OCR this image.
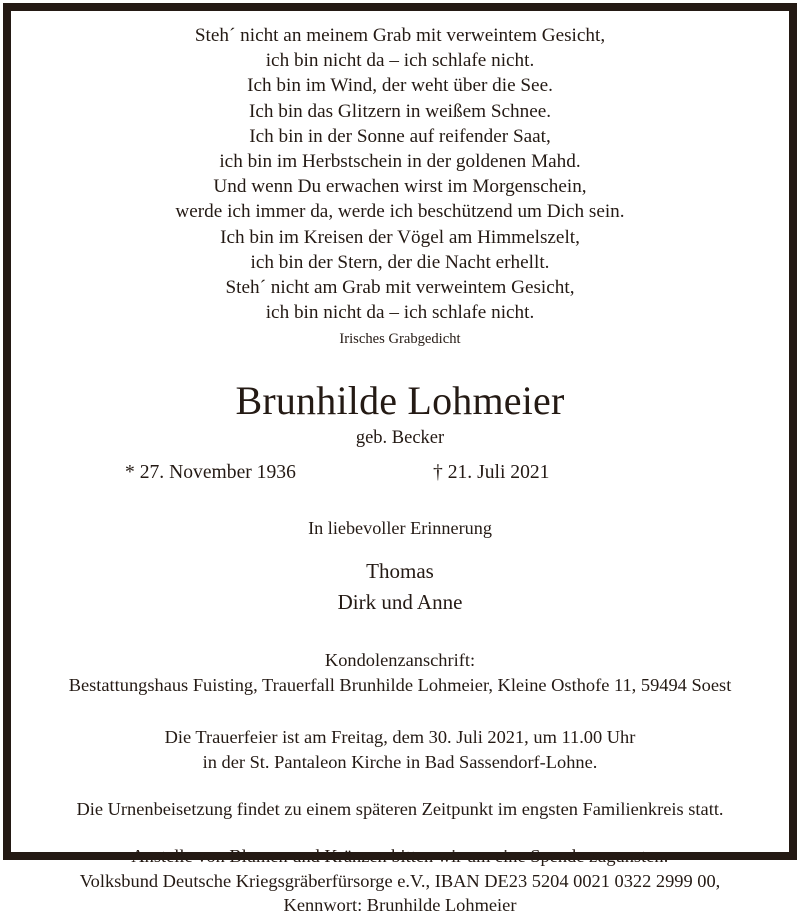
Steh´ nicht an meinem Grab mit verweintem Gesicht,
ich bin nicht da – ich schlafe nicht.
Ich bin im Wind, der weht über die See.
Ich bin das Glitzern in weißem Schnee.
Ich bin in der Sonne auf reifender Saat,
ich bin im Herbstschein in der goldenen Mahd.
Und wenn Du erwachen wirst im Morgenschein,
werde ich immer da, werde ich beschützend um Dich sein.
Ich bin im Kreisen der Vögel am Himmelszelt,
ich bin der Stern, der die Nacht erhellt.
Steh´ nicht am Grab mit verweintem Gesicht,
ich bin nicht da – ich schlafe nicht.
Irisches Grabgedicht
Brunhilde Lohmeier
geb. Becker
* 27. November 1936	† 21. Juli 2021
In liebevoller Erinnerung
Thomas
Dirk und Anne
Kondolenzanschrift:
Bestattungshaus Fuisting, Trauerfall Brunhilde Lohmeier, Kleine Osthofe 11, 59494 Soest
Die Trauerfeier ist am Freitag, dem 30. Juli 2021, um 11.00 Uhr
in der St. Pantaleon Kirche in Bad Sassendorf-Lohne.
Die Urnenbeisetzung findet zu einem späteren Zeitpunkt im engsten Familienkreis statt.
Anstelle von Blumen und Kränzen bitten wir um eine Spende zugunsten:
Volksbund Deutsche Kriegsgräberfürsorge e.V., IBAN DE23 5204 0021 0322 2999 00,
Kennwort: Brunhilde Lohmeier
